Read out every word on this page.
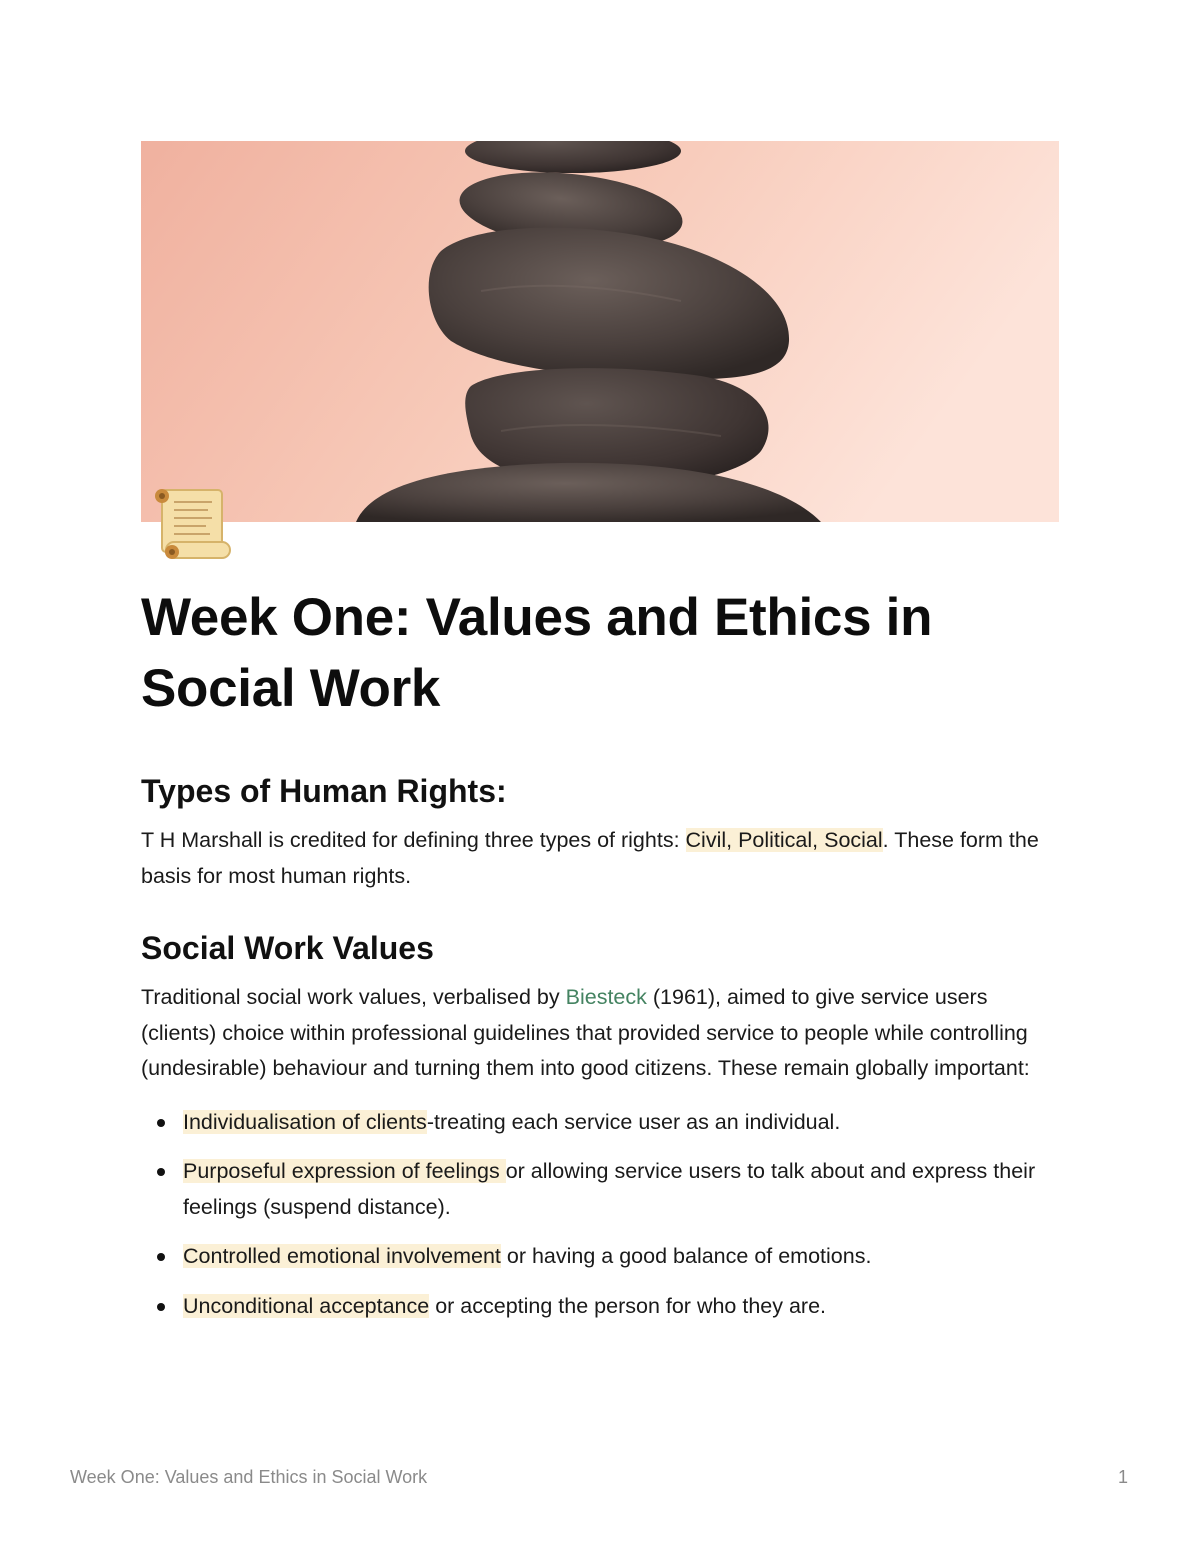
Week One: Values and Ethics in Social Work
Types of Human Rights:

T H Marshall is credited for defining three types of rights: Civil, Political, Social. These form the basis for most human rights.

Social Work Values

Traditional social work values, verbalised by Biesteck (1961), aimed to give service users (clients) choice within professional guidelines that provided service to people while controlling (undesirable) behaviour and turning them into good citizens. These remain globally important:

Individualisation of clients-treating each service user as an individual.
Purposeful expression of feelings or allowing service users to talk about and express their feelings (suspend distance).
Controlled emotional involvement or having a good balance of emotions.
Unconditional acceptance or accepting the person for who they are.
Week One: Values and Ethics in Social Work	1
